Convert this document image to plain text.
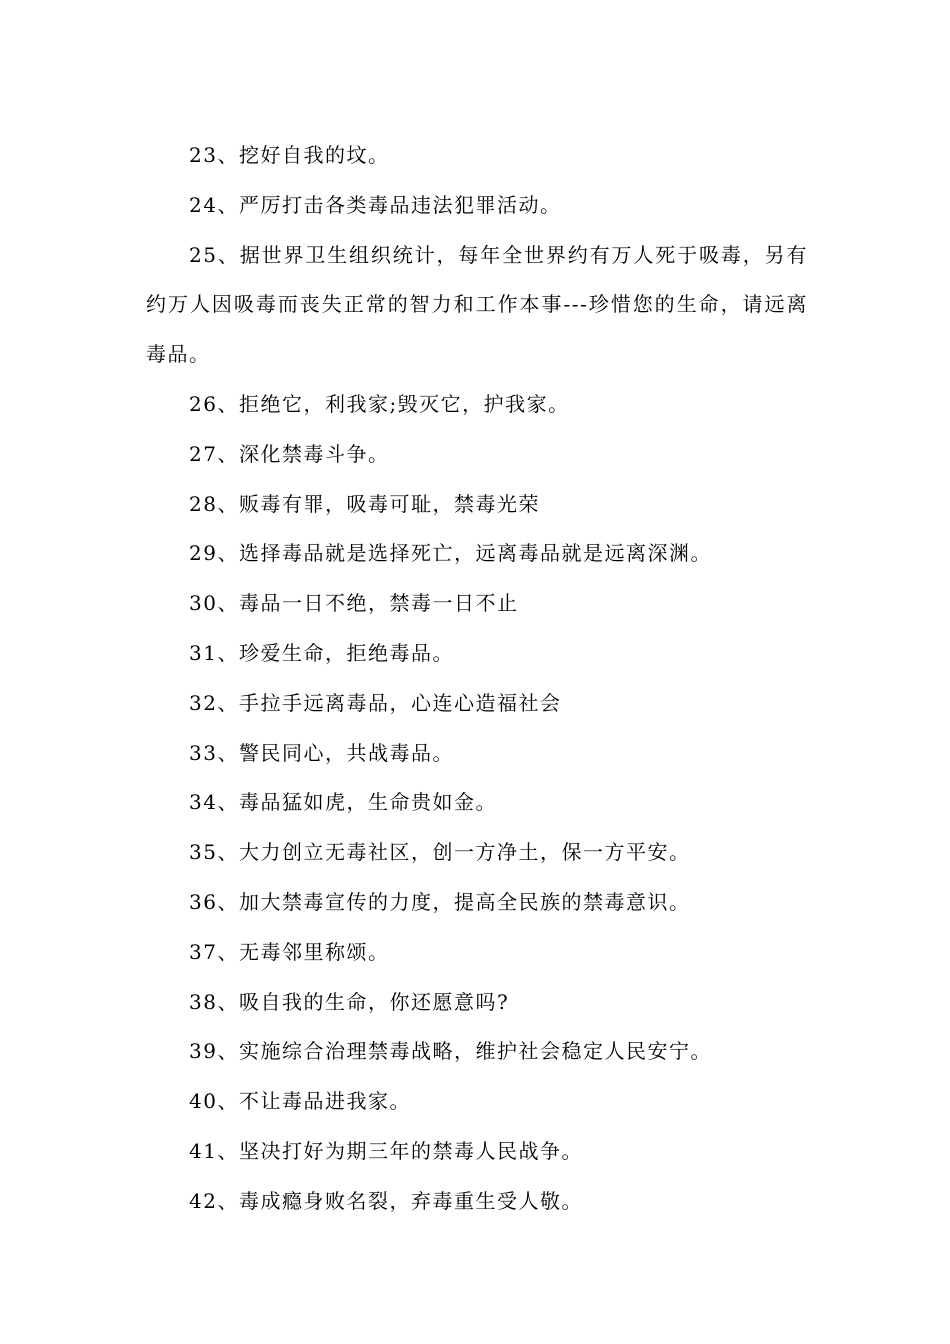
23、挖好自我的坟。

24、严厉打击各类毒品违法犯罪活动。

25、据世界卫生组织统计，每年全世界约有万人死于吸毒，另有约万人因吸毒而丧失正常的智力和工作本事---珍惜您的生命，请远离毒品。

26、拒绝它，利我家;毁灭它，护我家。

27、深化禁毒斗争。

28、贩毒有罪，吸毒可耻，禁毒光荣

29、选择毒品就是选择死亡，远离毒品就是远离深渊。

30、毒品一日不绝，禁毒一日不止

31、珍爱生命，拒绝毒品。

32、手拉手远离毒品，心连心造福社会

33、警民同心，共战毒品。

34、毒品猛如虎，生命贵如金。

35、大力创立无毒社区，创一方净土，保一方平安。

36、加大禁毒宣传的力度，提高全民族的禁毒意识。

37、无毒邻里称颂。

38、吸自我的生命，你还愿意吗?

39、实施综合治理禁毒战略，维护社会稳定人民安宁。

40、不让毒品进我家。

41、坚决打好为期三年的禁毒人民战争。

42、毒成瘾身败名裂，弃毒重生受人敬。
